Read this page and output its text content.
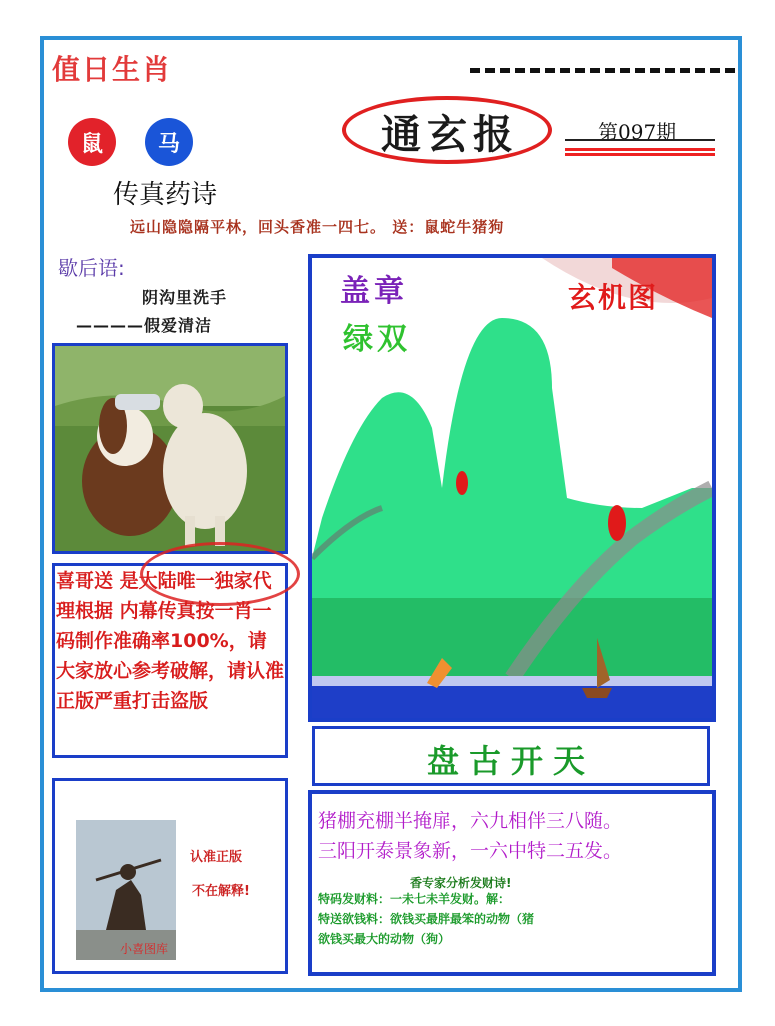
值日生肖
通玄报	第097期
鼠	马
传真药诗
远山隐隐隔平林，回头香准一四七。 送：鼠蛇牛猪狗
歇后语:
阴沟里洗手
————假爱清洁
喜哥送 是大陆唯一独家代理根据 内幕传真按一肖一码制作准确率100%，请大家放心参考破解，请认准正版严重打击盗版
认准正版
不在解释!
小喜图库
盖章
绿双
玄机图
盘古开天
猪棚充棚半掩扉，六九相伴三八随。
三阳开泰景象新，一六中特二五发。
香专家分析发财诗!
特码发财料：一未七未羊发财。解：
特送欲钱料：欲钱买最胖最笨的动物（猪
欲钱买最大的动物（狗）
